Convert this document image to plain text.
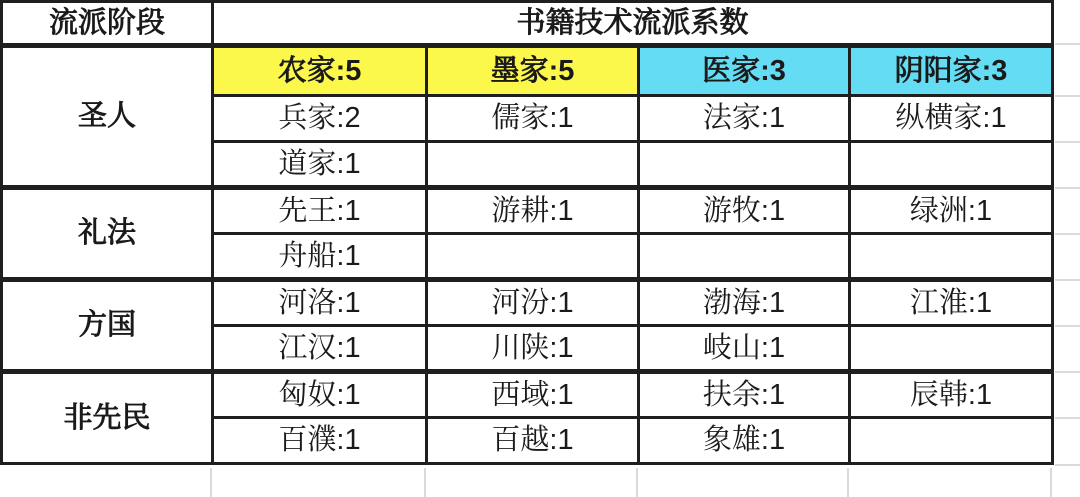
流派阶段	书籍技术流派系数			
圣人	农家:5	墨家:5	医家:3	阴阳家:3
	兵家:2	儒家:1	法家:1	纵横家:1
	道家:1			
礼法	先王:1	游耕:1	游牧:1	绿洲:1
	舟船:1			
方国	河洛:1	河汾:1	渤海:1	江淮:1
	江汉:1	川陕:1	岐山:1	
非先民	匈奴:1	西域:1	扶余:1	辰韩:1
	百濮:1	百越:1	象雄:1	
